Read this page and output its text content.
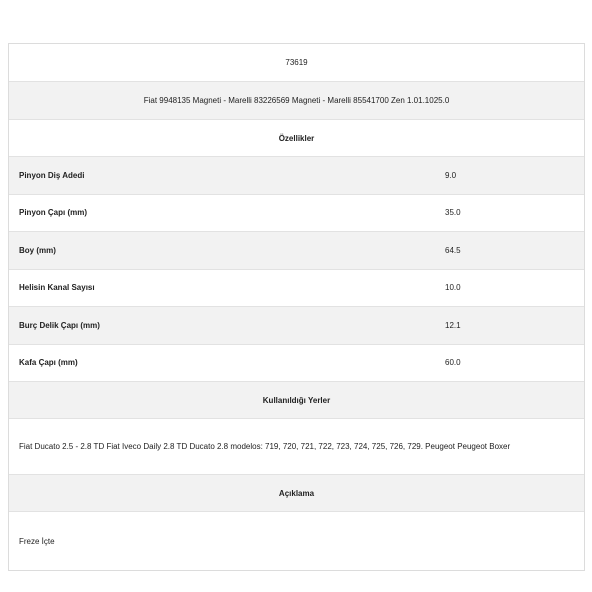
73619
Fiat 9948135 Magneti - Marelli 83226569 Magneti - Marelli 85541700 Zen 1.01.1025.0
Özellikler
Pinyon Diş Adedi	9.0
Pinyon Çapı (mm)	35.0
Boy (mm)	64.5
Helisin Kanal Sayısı	10.0
Burç Delik Çapı (mm)	12.1
Kafa Çapı (mm)	60.0
Kullanıldığı Yerler
Fiat Ducato 2.5 - 2.8 TD Fiat Iveco Daily 2.8 TD Ducato 2.8 modelos: 719, 720, 721, 722, 723, 724, 725, 726, 729. Peugeot Peugeot Boxer
Açıklama
Freze İçte
